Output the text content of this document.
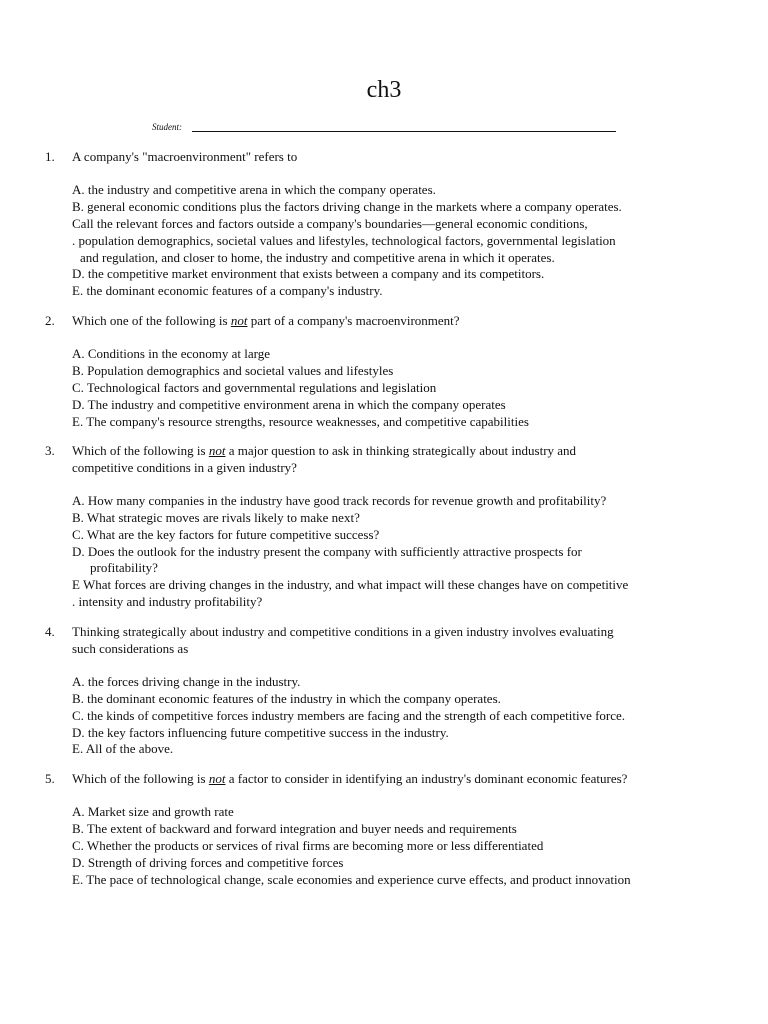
ch3
Student:
1. A company's "macroenvironment" refers to
A. the industry and competitive arena in which the company operates.
B. general economic conditions plus the factors driving change in the markets where a company operates.
Call the relevant forces and factors outside a company's boundaries—general economic conditions,
. population demographics, societal values and lifestyles, technological factors, governmental legislation
and regulation, and closer to home, the industry and competitive arena in which it operates.
D. the competitive market environment that exists between a company and its competitors.
E. the dominant economic features of a company's industry.
2. Which one of the following is not part of a company's macroenvironment?
A. Conditions in the economy at large
B. Population demographics and societal values and lifestyles
C. Technological factors and governmental regulations and legislation
D. The industry and competitive environment arena in which the company operates
E. The company's resource strengths, resource weaknesses, and competitive capabilities
3. Which of the following is not a major question to ask in thinking strategically about industry and
competitive conditions in a given industry?
A. How many companies in the industry have good track records for revenue growth and profitability?
B. What strategic moves are rivals likely to make next?
C. What are the key factors for future competitive success?
D. Does the outlook for the industry present the company with sufficiently attractive prospects for
profitability?
E What forces are driving changes in the industry, and what impact will these changes have on competitive
. intensity and industry profitability?
4. Thinking strategically about industry and competitive conditions in a given industry involves evaluating
such considerations as
A. the forces driving change in the industry.
B. the dominant economic features of the industry in which the company operates.
C. the kinds of competitive forces industry members are facing and the strength of each competitive force.
D. the key factors influencing future competitive success in the industry.
E. All of the above.
5. Which of the following is not a factor to consider in identifying an industry's dominant economic features?
A. Market size and growth rate
B. The extent of backward and forward integration and buyer needs and requirements
C. Whether the products or services of rival firms are becoming more or less differentiated
D. Strength of driving forces and competitive forces
E. The pace of technological change, scale economies and experience curve effects, and product innovation
